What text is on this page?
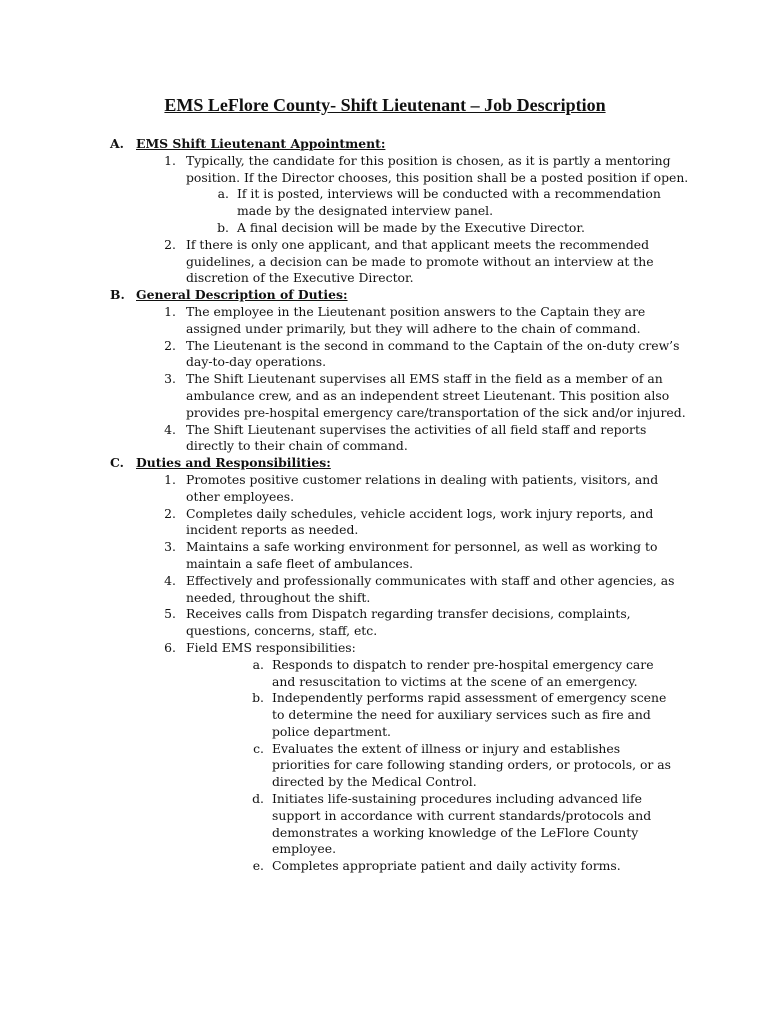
EMS LeFlore County- Shift Lieutenant – Job Description
A. EMS Shift Lieutenant Appointment:
1. Typically, the candidate for this position is chosen, as it is partly a mentoring position. If the Director chooses, this position shall be a posted position if open.
a. If it is posted, interviews will be conducted with a recommendation made by the designated interview panel.
b. A final decision will be made by the Executive Director.
2. If there is only one applicant, and that applicant meets the recommended guidelines, a decision can be made to promote without an interview at the discretion of the Executive Director.
B. General Description of Duties:
1. The employee in the Lieutenant position answers to the Captain they are assigned under primarily, but they will adhere to the chain of command.
2. The Lieutenant is the second in command to the Captain of the on-duty crew’s day-to-day operations.
3. The Shift Lieutenant supervises all EMS staff in the field as a member of an ambulance crew, and as an independent street Lieutenant. This position also provides pre-hospital emergency care/transportation of the sick and/or injured.
4. The Shift Lieutenant supervises the activities of all field staff and reports directly to their chain of command.
C. Duties and Responsibilities:
1. Promotes positive customer relations in dealing with patients, visitors, and other employees.
2. Completes daily schedules, vehicle accident logs, work injury reports, and incident reports as needed.
3. Maintains a safe working environment for personnel, as well as working to maintain a safe fleet of ambulances.
4. Effectively and professionally communicates with staff and other agencies, as needed, throughout the shift.
5. Receives calls from Dispatch regarding transfer decisions, complaints, questions, concerns, staff, etc.
6. Field EMS responsibilities:
a. Responds to dispatch to render pre-hospital emergency care and resuscitation to victims at the scene of an emergency.
b. Independently performs rapid assessment of emergency scene to determine the need for auxiliary services such as fire and police department.
c. Evaluates the extent of illness or injury and establishes priorities for care following standing orders, or protocols, or as directed by the Medical Control.
d. Initiates life-sustaining procedures including advanced life support in accordance with current standards/protocols and demonstrates a working knowledge of the LeFlore County employee.
e. Completes appropriate patient and daily activity forms.
